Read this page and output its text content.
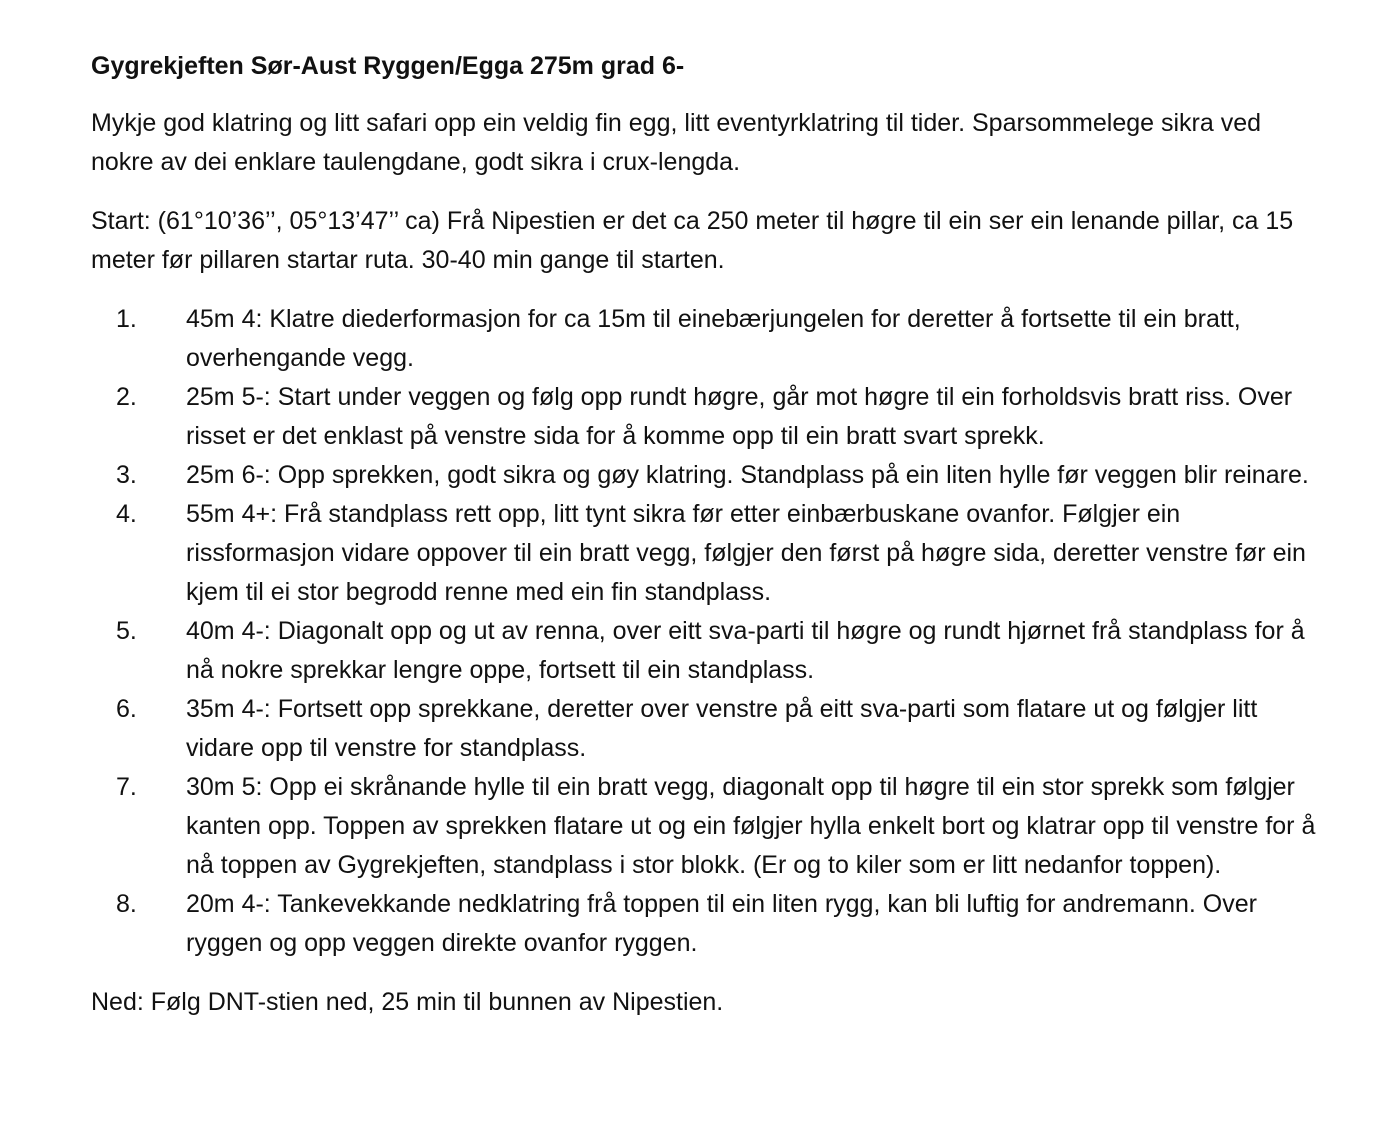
Gygrekjeften Sør-Aust Ryggen/Egga 275m grad 6-

Mykje god klatring og litt safari opp ein veldig fin egg, litt eventyrklatring til tider. Sparsommelege sikra ved nokre av dei enklare taulengdane, godt sikra i crux-lengda.

Start: (61°10’36’’, 05°13’47’’ ca) Frå Nipestien er det ca 250 meter til høgre til ein ser ein lenande pillar, ca 15 meter før pillaren startar ruta. 30-40 min gange til starten.

1.	45m 4: Klatre diederformasjon for ca 15m til einebærjungelen for deretter å fortsette til ein bratt, overhengande vegg.
2.	25m 5-: Start under veggen og følg opp rundt høgre, går mot høgre til ein forholdsvis bratt riss. Over risset er det enklast på venstre sida for å komme opp til ein bratt svart sprekk.
3.	25m 6-: Opp sprekken, godt sikra og gøy klatring. Standplass på ein liten hylle før veggen blir reinare.
4.	55m 4+: Frå standplass rett opp, litt tynt sikra før etter einbærbuskane ovanfor. Følgjer ein rissformasjon vidare oppover til ein bratt vegg, følgjer den først på høgre sida, deretter venstre før ein kjem til ei stor begrodd renne med ein fin standplass.
5.	40m 4-: Diagonalt opp og ut av renna, over eitt sva-parti til høgre og rundt hjørnet frå standplass for å nå nokre sprekkar lengre oppe, fortsett til ein standplass.
6.	35m 4-: Fortsett opp sprekkane, deretter over venstre på eitt sva-parti som flatare ut og følgjer litt vidare opp til venstre for standplass.
7.	30m 5: Opp ei skrånande hylle til ein bratt vegg, diagonalt opp til høgre til ein stor sprekk som følgjer kanten opp. Toppen av sprekken flatare ut og ein følgjer hylla enkelt bort og klatrar opp til venstre for å nå toppen av Gygrekjeften, standplass i stor blokk. (Er og to kiler som er litt nedanfor toppen).
8.	20m 4-: Tankevekkande nedklatring frå toppen til ein liten rygg, kan bli luftig for andremann. Over ryggen og opp veggen direkte ovanfor ryggen.

Ned: Følg DNT-stien ned, 25 min til bunnen av Nipestien.
